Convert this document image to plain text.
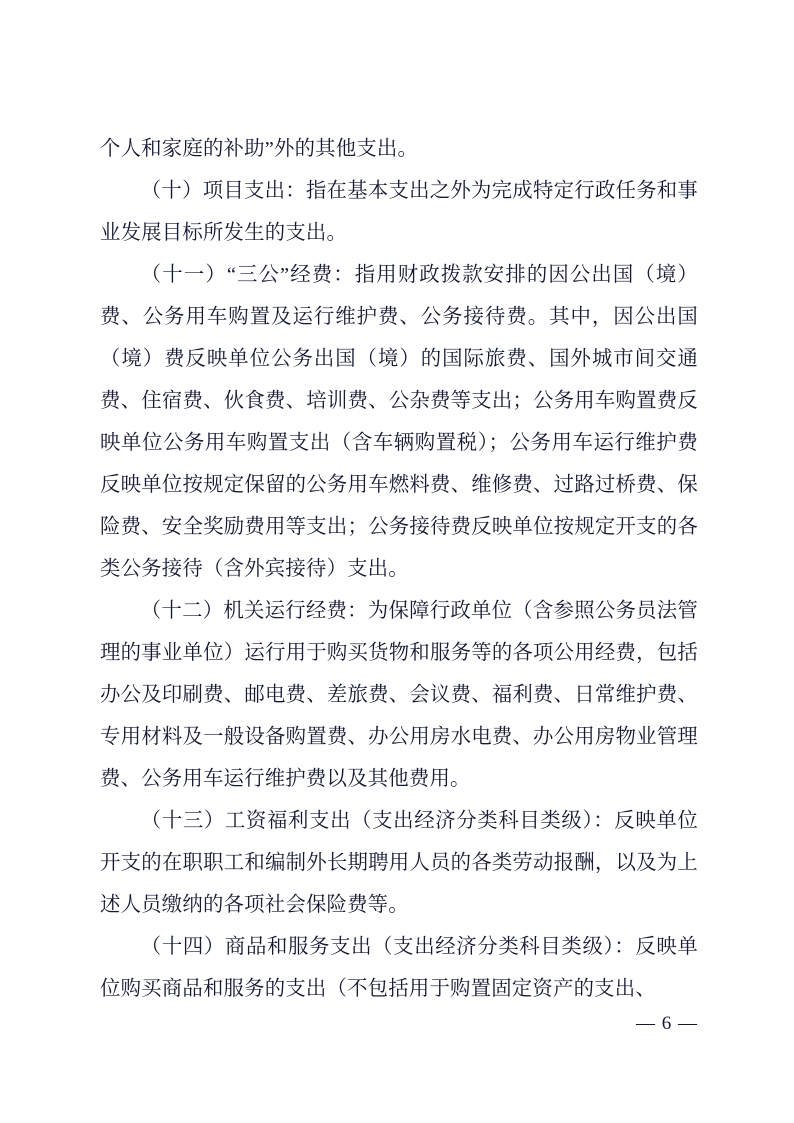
个人和家庭的补助”外的其他支出。

（十）项目支出：指在基本支出之外为完成特定行政任务和事业发展目标所发生的支出。

（十一）“三公”经费：指用财政拨款安排的因公出国（境）费、公务用车购置及运行维护费、公务接待费。其中，因公出国（境）费反映单位公务出国（境）的国际旅费、国外城市间交通费、住宿费、伙食费、培训费、公杂费等支出；公务用车购置费反映单位公务用车购置支出（含车辆购置税）；公务用车运行维护费反映单位按规定保留的公务用车燃料费、维修费、过路过桥费、保险费、安全奖励费用等支出；公务接待费反映单位按规定开支的各类公务接待（含外宾接待）支出。

（十二）机关运行经费：为保障行政单位（含参照公务员法管理的事业单位）运行用于购买货物和服务等的各项公用经费，包括办公及印刷费、邮电费、差旅费、会议费、福利费、日常维护费、专用材料及一般设备购置费、办公用房水电费、办公用房物业管理费、公务用车运行维护费以及其他费用。

（十三）工资福利支出（支出经济分类科目类级）：反映单位开支的在职职工和编制外长期聘用人员的各类劳动报酬，以及为上述人员缴纳的各项社会保险费等。

（十四）商品和服务支出（支出经济分类科目类级）：反映单位购买商品和服务的支出（不包括用于购置固定资产的支出、

— 6 —
